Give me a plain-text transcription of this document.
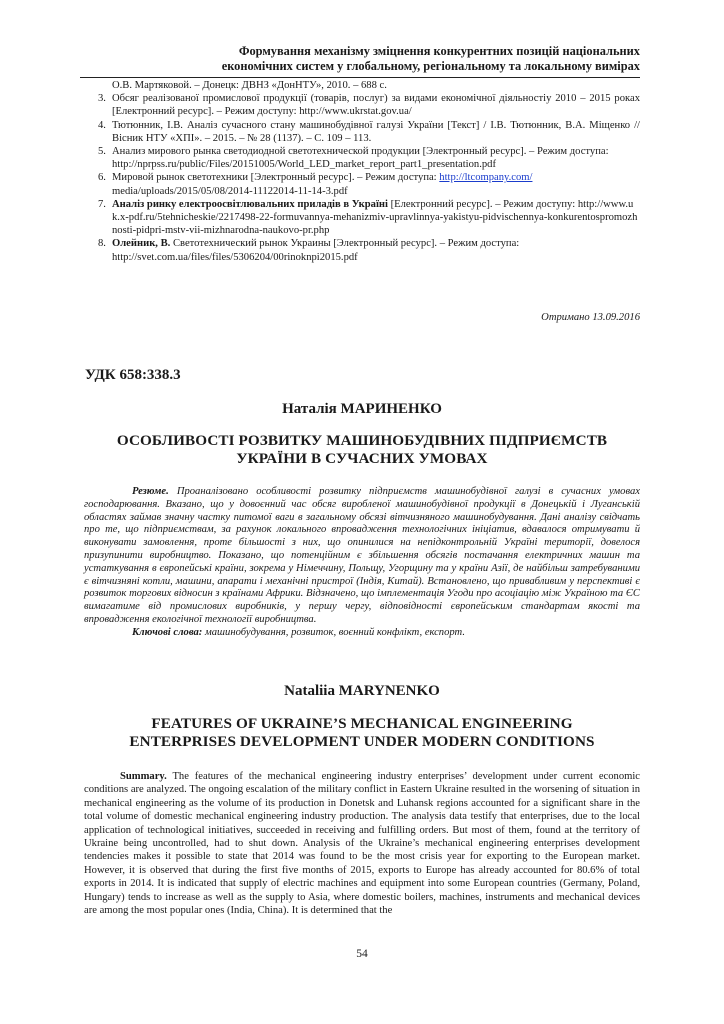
Формування механізму зміцнення конкурентних позицій національних
економічних систем у глобальному, регіональному та локальному вимірах
О.В. Мартяковой. – Донецк: ДВНЗ «ДонНТУ», 2010. – 688 с.
3. Обсяг реалізованої промислової продукції (товарів, послуг) за видами економічної діяльностіу 2010 – 2015 роках [Електронний ресурс]. – Режим доступу: http://www.ukrstat.gov.ua/
4. Тютюнник, І.В. Аналіз сучасного стану машинобудівної галузі України [Текст] / І.В. Тютюнник, В.А. Міщенко // Вісник НТУ «ХПІ». – 2015. – № 28 (1137). – С. 109 – 113.
5. Анализ мирового рынка светодиодной светотехнической продукции [Электронный ресурс]. – Режим доступа:
http://nprpss.ru/public/Files/20151005/World_LED_market_report_part1_presentation.pdf
6. Мировой рынок светотехники [Электронный ресурс]. – Режим доступа: http://ltcompany.com/
media/uploads/2015/05/08/2014-11122014-11-14-3.pdf
7. Аналіз ринку електроосвітлювальних приладів в Україні [Електронний ресурс]. – Режим доступу: http://www.uk.x-pdf.ru/5tehnicheskie/2217498-22-formuvannya-mehanizmiv-upravlinnya-yakistyu-pidvischennya-konkurentospromozhnosti-pidpri-mstv-vii-mizhnarodna-naukovo-pr.php
8. Олейник, В. Светотехнический рынок Украины [Электронный ресурс]. – Режим доступа:
http://svet.com.ua/files/files/5306204/00rinoknpi2015.pdf
Отримано 13.09.2016
УДК 658:338.3
Наталія МАРИНЕНКО
ОСОБЛИВОСТІ РОЗВИТКУ МАШИНОБУДІВНИХ ПІДПРИЄМСТВ
УКРАЇНИ В СУЧАСНИХ УМОВАХ
Резюме. Проаналізовано особливості розвитку підприємств машинобудівної галузі в сучасних умовах господарювання. Вказано, що у довоєнний час обсяг виробленої машинобудівної продукції в Донецькій і Луганській областях займав значну частку питомої ваги в загальному обсязі вітчизняного машинобудування. Дані аналізу свідчать про те, що підприємствам, за рахунок локального впровадження технологічних ініціатив, вдавалося отримувати й виконувати замовлення, проте більшості з них, що опинилися на непідконтрольній Україні території, довелося призупинити виробництво. Показано, що потенційним є збільшення обсягів постачання електричних машин та устаткування в європейські країни, зокрема у Німеччину, Польщу, Угорщину та у країни Азії, де найбільш затребуваними є вітчизняні котли, машини, апарати і механічні пристрої (Індія, Китай). Встановлено, що привабливим у перспективі є розвиток торгових відносин з країнами Африки. Відзначено, що імплементація Угоди про асоціацію між Україною та ЄС вимагатиме від промислових виробників, у першу чергу, відповідності європейським стандартам якості та впровадження екологічної технології виробництва.
Ключові слова: машинобудування, розвиток, воєнний конфлікт, експорт.
Nataliia MARYNENKO
FEATURES OF UKRAINE’S MECHANICAL ENGINEERING
ENTERPRISES DEVELOPMENT UNDER MODERN CONDITIONS
Summary. The features of the mechanical engineering industry enterprises’ development under current economic conditions are analyzed. The ongoing escalation of the military conflict in Eastern Ukraine resulted in the worsening of situation in mechanical engineering as the volume of its production in Donetsk and Luhansk regions accounted for a significant share in the total volume of domestic mechanical engineering industry production. The analysis data testify that enterprises, due to the local application of technological initiatives, succeeded in receiving and fulfilling orders. But most of them, found at the territory of Ukraine being uncontrolled, had to shut down. Analysis of the Ukraine’s mechanical engineering enterprises development tendencies makes it possible to state that 2014 was found to be the most crisis year for exporting to the European market. However, it is observed that during the first five months of 2015, exports to Europe has already accounted for 80.6% of total exports in 2014. It is indicated that supply of electric machines and equipment into some European countries (Germany, Poland, Hungary) tends to increase as well as the supply to Asia, where domestic boilers, machines, instruments and mechanical devices are among the most popular ones (India, China). It is determined that the
54
